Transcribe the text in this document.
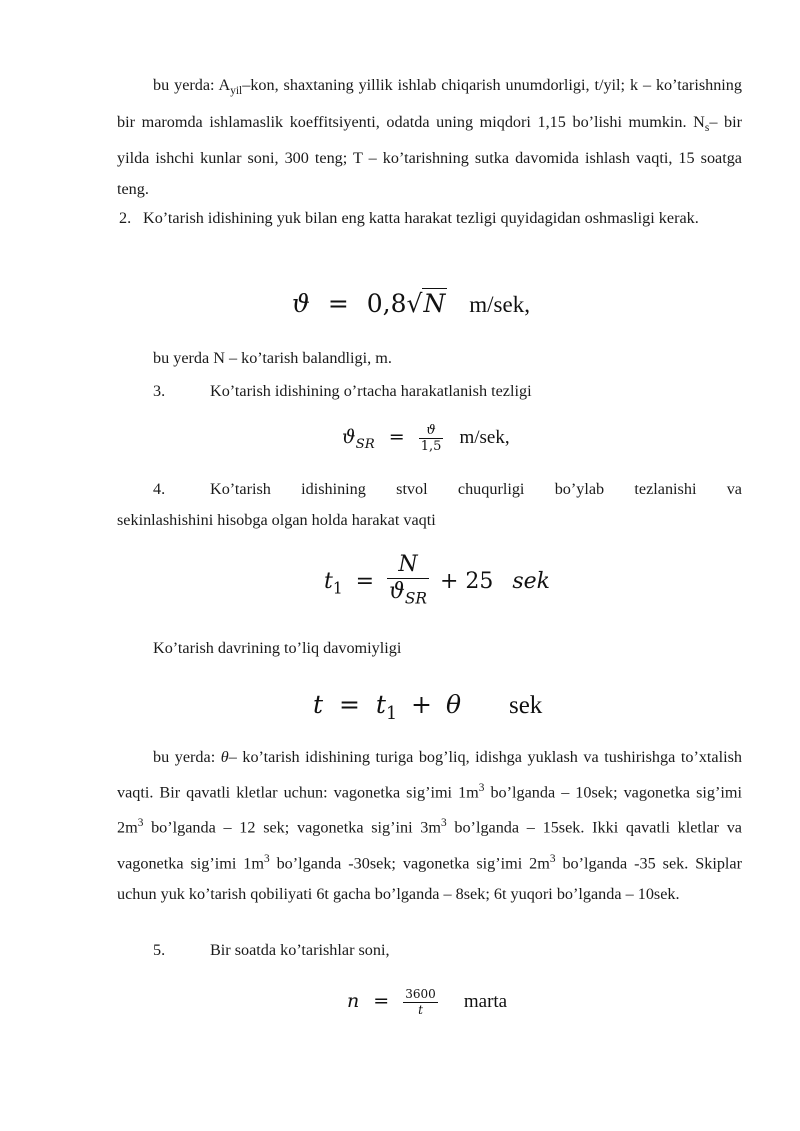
bu yerda: $A_{yil}$–kon, shaxtaning yillik ishlab chiqarish unumdorligi, t/yil; k – ko’tarishning bir maromda ishlamaslik koeffitsiyenti, odatda uning miqdori 1,15 bo’lishi mumkin. $N_s-$ bir yilda ishchi kunlar soni, 300 teng; T – ko’tarishning sutka davomida ishlash vaqti, 15 soatga teng.

2. Ko’tarish idishining yuk bilan eng katta harakat tezligi quyidagidan oshmasligi kerak.
ϑ = 0,8√N m/sek,

bu yerda N – ko’tarish balandligi, m.

3.	Ko’tarish idishining o’rtacha harakatlanish tezligi
$ϑ_{SR} = \frac{ϑ}{1,5} m/sek$,
4.	Ko’tarish idishining stvol chuqurligi bo’ylab tezlanishi va

sekinlashishini hisobga olgan holda harakat vaqti

$t_1 = \frac{N}{ϑ_{SR}} + 25$ sek

Ko’tarish davrining to’liq davomiyligi

$t = t_1 + \theta$ sek

bu yerda: θ– ko’tarish idishining turiga bog’liq, idishga yuklash va tushirishga to’xtalish vaqti. Bir qavatli kletlar uchun: vagonetka sig’imi $1m^3$ bo’lganda – 10sek; vagonetka sig’imi $2m^3$ bo’lganda – 12 sek; vagonetka sig’ini $3m^3$ bo’lganda – 15sek. Ikki qavatli kletlar va vagonetka sig’imi $1m^3$ bo’lganda -30sek; vagonetka sig’imi $2m^3$ bo’lganda -35 sek. Skiplar uchun yuk ko’tarish qobiliyati 6t gacha bo’lganda – 8sek; 6t yuqori bo’lganda – 10sek.

5.	Bir soatda ko’tarishlar soni,
$n = \frac{3600}{t}$ marta
